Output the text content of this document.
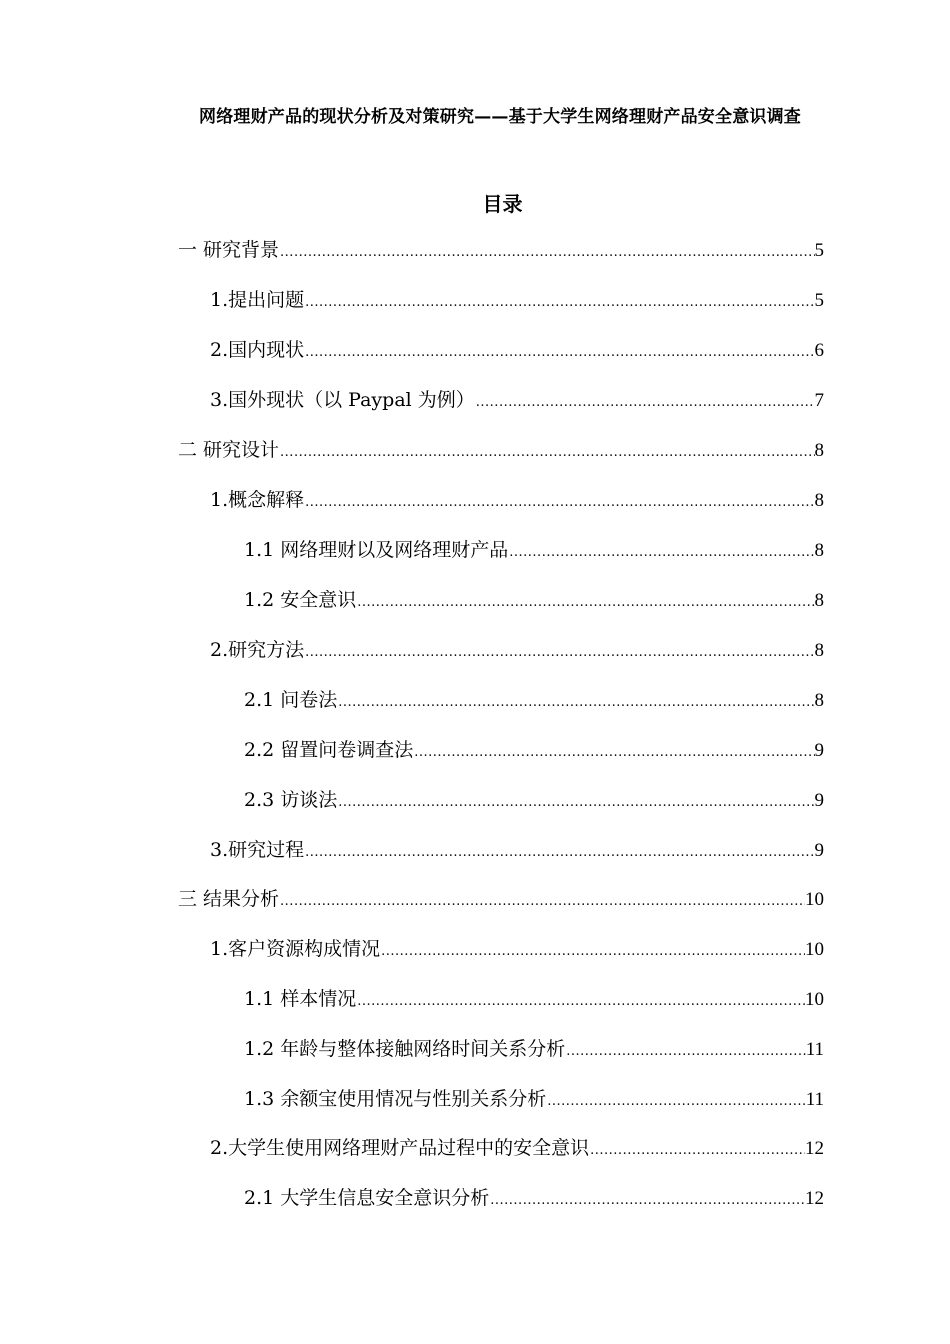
网络理财产品的现状分析及对策研究——基于大学生网络理财产品安全意识调查
目录
一 研究背景 .....	5
1.提出问题 .....	5
2.国内现状 .....	6
3.国外现状（以 Paypal 为例） .....	7
二 研究设计 .....	8
1.概念解释 .....	8
1.1 网络理财以及网络理财产品 .....	8
1.2 安全意识 .....	8
2.研究方法 .....	8
2.1 问卷法 .....	8
2.2 留置问卷调查法 .....	9
2.3 访谈法 .....	9
3.研究过程 .....	9
三 结果分析 .....	10
1.客户资源构成情况 .....	10
1.1 样本情况 .....	10
1.2 年龄与整体接触网络时间关系分析 .....	11
1.3 余额宝使用情况与性别关系分析 .....	11
2.大学生使用网络理财产品过程中的安全意识 .....	12
2.1 大学生信息安全意识分析 .....	12
